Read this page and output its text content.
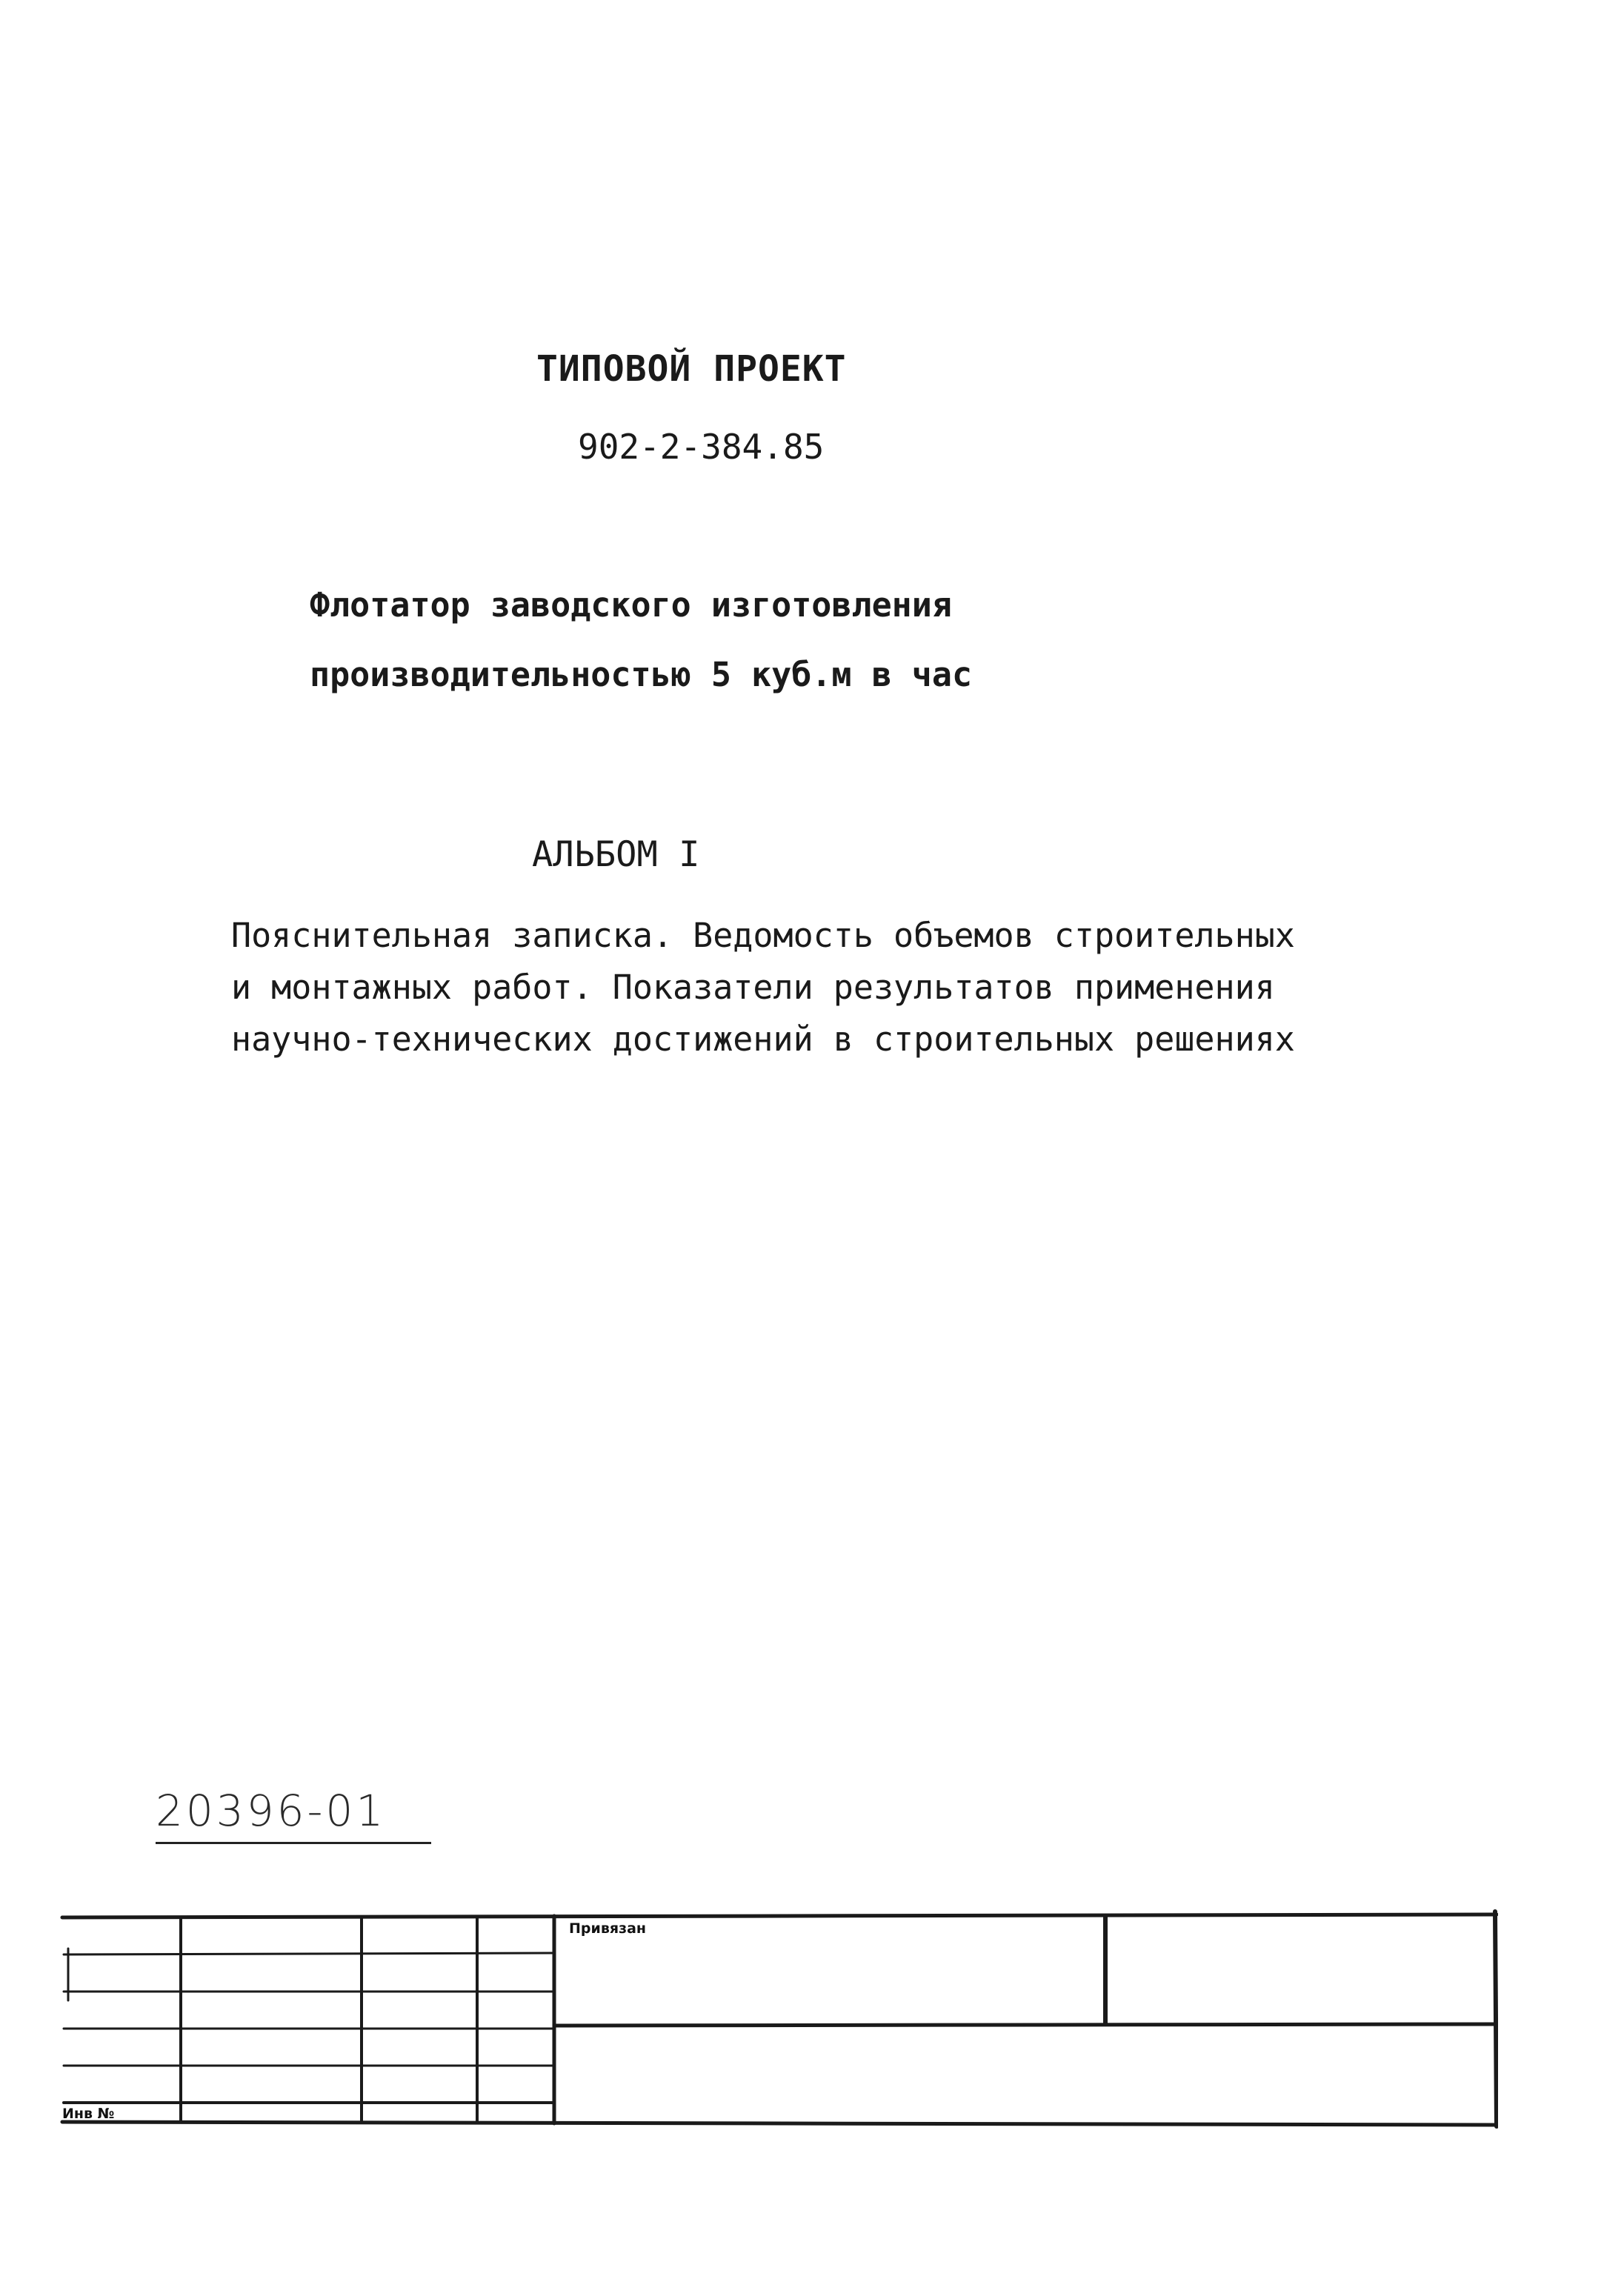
ТИПОВОЙ ПРОЕКТ
902-2-384.85
Флотатор заводского изготовления
производительностью 5 куб.м в час
АЛЬБОМ I
Пояснительная записка. Ведомость объемов строительных
и монтажных работ. Показатели результатов применения
научно-технических достижений в строительных решениях
20396-01
Привязан
Инв №
